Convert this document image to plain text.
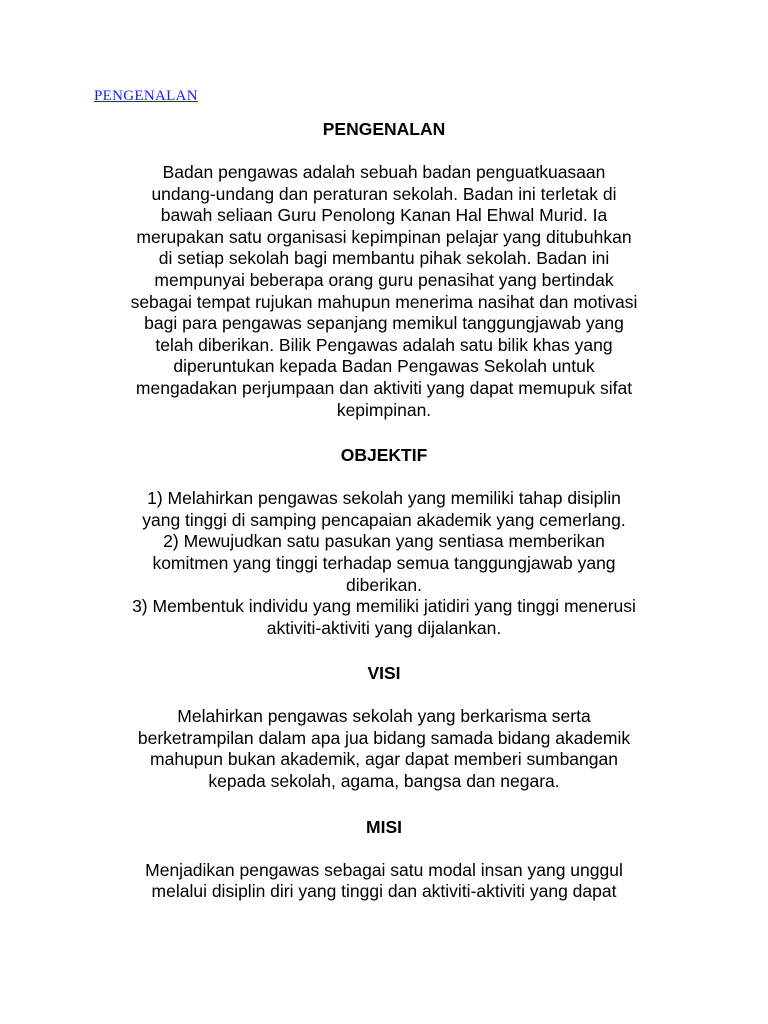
PENGENALAN
PENGENALAN

Badan pengawas adalah sebuah badan penguatkuasaan
undang-undang dan peraturan sekolah. Badan ini terletak di
bawah seliaan Guru Penolong Kanan Hal Ehwal Murid. Ia
merupakan satu organisasi kepimpinan pelajar yang ditubuhkan
di setiap sekolah bagi membantu pihak sekolah. Badan ini
mempunyai beberapa orang guru penasihat yang bertindak
sebagai tempat rujukan mahupun menerima nasihat dan motivasi
bagi para pengawas sepanjang memikul tanggungjawab yang
telah diberikan. Bilik Pengawas adalah satu bilik khas yang
diperuntukan kepada Badan Pengawas Sekolah untuk
mengadakan perjumpaan dan aktiviti yang dapat memupuk sifat
kepimpinan.

OBJEKTIF

1) Melahirkan pengawas sekolah yang memiliki tahap disiplin
yang tinggi di samping pencapaian akademik yang cemerlang.
2) Mewujudkan satu pasukan yang sentiasa memberikan
komitmen yang tinggi terhadap semua tanggungjawab yang
diberikan.
3) Membentuk individu yang memiliki jatidiri yang tinggi menerusi
aktiviti-aktiviti yang dijalankan.

VISI

Melahirkan pengawas sekolah yang berkarisma serta
berketrampilan dalam apa jua bidang samada bidang akademik
mahupun bukan akademik, agar dapat memberi sumbangan
kepada sekolah, agama, bangsa dan negara.

MISI

Menjadikan pengawas sebagai satu modal insan yang unggul
melalui disiplin diri yang tinggi dan aktiviti-aktiviti yang dapat
